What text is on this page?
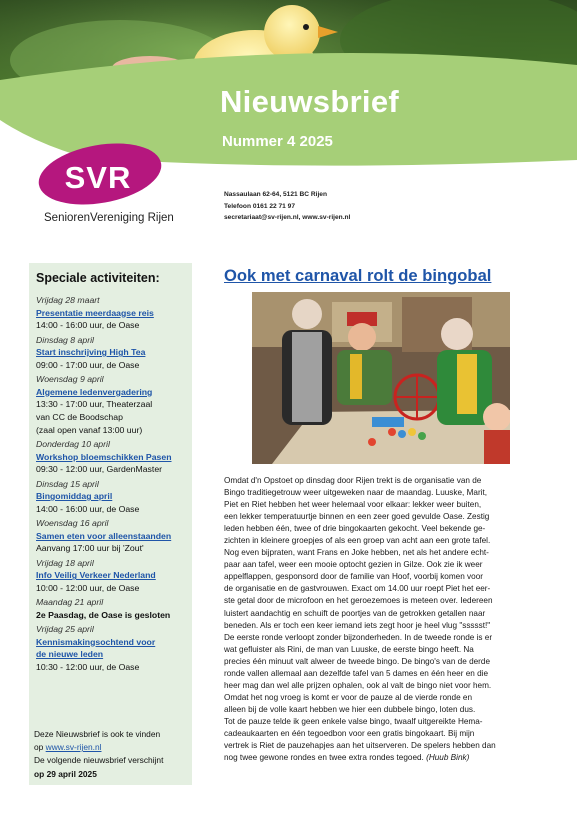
Nieuwsbrief
Nummer 4 2025
SVR
SeniorenVereniging Rijen
Nassaulaan 62-64, 5121 BC Rijen
Telefoon 0161 22 71 97
secretariaat@sv-rijen.nl, www.sv-rijen.nl
Speciale activiteiten:
Vrijdag 28 maart
Presentatie meerdaagse reis
14:00 - 16:00 uur, de Oase
Dinsdag 8 april
Start inschrijving High Tea
09:00 - 17:00 uur, de Oase
Woensdag 9 april
Algemene ledenvergadering
13:30 - 17:00 uur, Theaterzaal
van CC de Boodschap
(zaal open vanaf 13:00 uur)
Donderdag 10 april
Workshop bloemschikken Pasen
09:30 - 12:00 uur, GardenMaster
Dinsdag 15 april
Bingomiddag april
14:00 - 16:00 uur, de Oase
Woensdag 16 april
Samen eten voor alleenstaanden
Aanvang 17:00 uur bij 'Zout'
Vrijdag 18 april
Info Veilig Verkeer Nederland
10:00 - 12:00 uur, de Oase
Maandag 21 april
2e Paasdag, de Oase is gesloten
Vrijdag 25 april
Kennismakingsochtend voor
de nieuwe leden
10:30 - 12:00 uur, de Oase
Deze Nieuwsbrief is ook te vinden
op www.sv-rijen.nl
De volgende nieuwsbrief verschijnt
op 29 april 2025
Ook met carnaval rolt de bingobal
Omdat d'n Opstoet op dinsdag door Rijen trekt is de organisatie van de
Bingo traditiegetrouw weer uitgeweken naar de maandag. Luuske, Marit,
Piet en Riet hebben het weer helemaal voor elkaar: lekker weer buiten,
een lekker temperatuurtje binnen en een zeer goed gevulde Oase. Zestig
leden hebben één, twee of drie bingokaarten gekocht. Veel bekende ge-
zichten in kleinere groepjes of als een groep van acht aan een grote tafel.
Nog even bijpraten, want Frans en Joke hebben, net als het andere echt-
paar aan tafel, weer een mooie optocht gezien in Gilze. Ook zie ik weer
appelflappen, gesponsord door de familie van Hoof, voorbij komen voor
de organisatie en de gastvrouwen. Exact om 14.00 uur roept Piet het eer-
ste getal door de microfoon en het geroezemoes is meteen over. Iedereen
luistert aandachtig en schuift de poortjes van de getrokken getallen naar
beneden. Als er toch een keer iemand iets zegt hoor je heel vlug "ssssst!"
De eerste ronde verloopt zonder bijzonderheden. In de tweede ronde is er
wat gefluister als Rini, de man van Luuske, de eerste bingo heeft. Na
precies één minuut valt alweer de tweede bingo. De bingo's van de derde
ronde vallen allemaal aan dezelfde tafel van 5 dames en één heer en die
heer mag dan wel alle prijzen ophalen, ook al valt de bingo niet voor hem.
Omdat het nog vroeg is komt er voor de pauze al de vierde ronde en
alleen bij de volle kaart hebben we hier een dubbele bingo, loten dus.
Tot de pauze telde ik geen enkele valse bingo, twaalf uitgereikte Hema-
cadeaukaarten en één tegoedbon voor een gratis bingokaart. Bij mijn
vertrek is Riet de pauzehapjes aan het uitserveren. De spelers hebben dan
nog twee gewone rondes en twee extra rondes tegoed. (Huub Bink)
